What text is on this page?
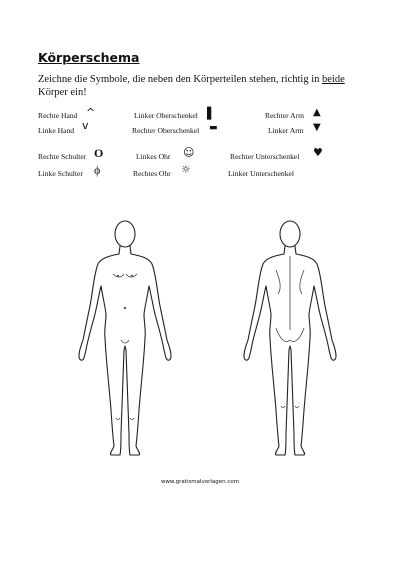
Körperschema

Zeichne die Symbole, die neben den Körperteilen stehen, richtig in beide Körper ein!

Rechte Hand ^	Linker Oberschenkel ▌	Rechter Arm ▲
Linke Hand v	Rechter Oberschenkel ▬	Linker Arm ▼
Rechte Schulter O	Linkes Ohr ☺	Rechter Unterschenkel ♥
Linke Schulter ϕ	Rechtes Ohr ☼	Linker Unterschenkel
www.gratismalvorlagen.com
